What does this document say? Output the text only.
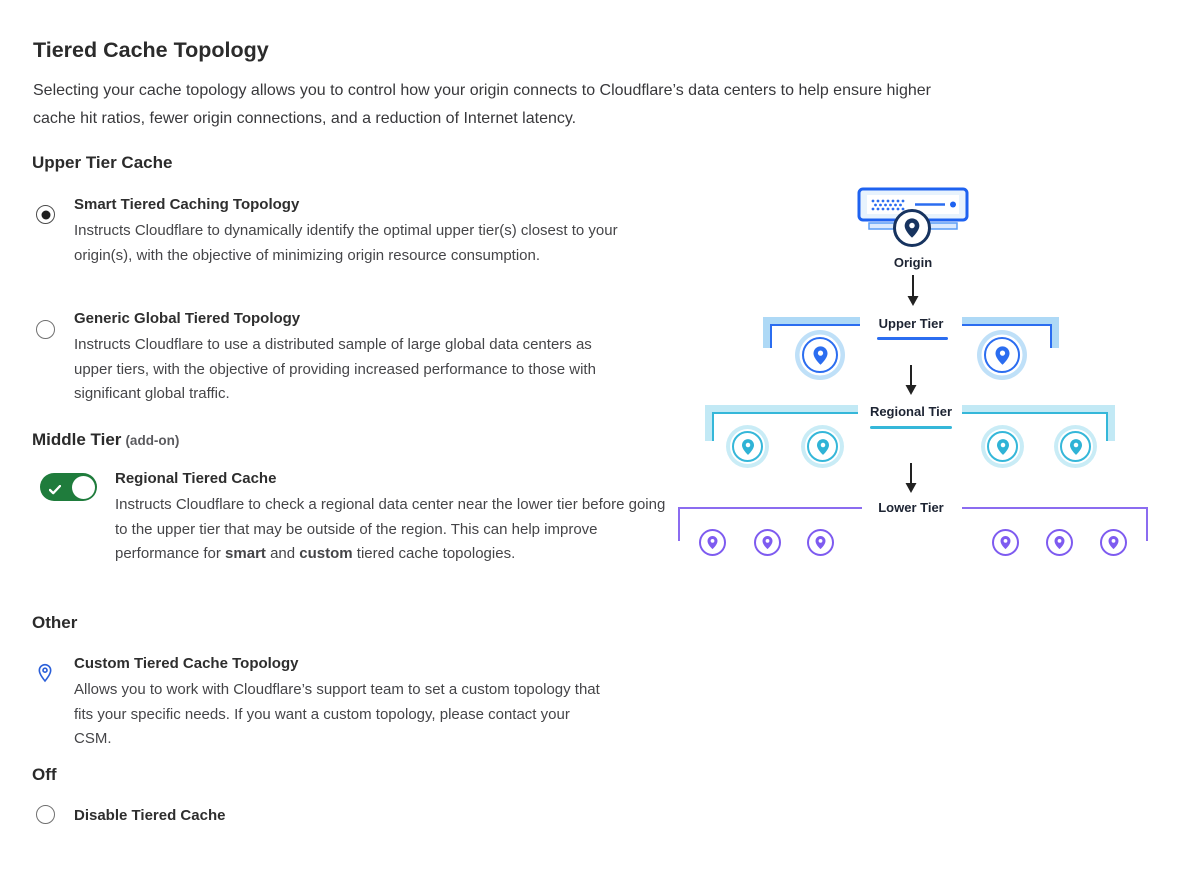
Tiered Cache Topology

Selecting your cache topology allows you to control how your origin connects to Cloudflare’s data centers to help ensure higher cache hit ratios, fewer origin connections, and a reduction of Internet latency.

Upper Tier Cache
Smart Tiered Caching Topology

Instructs Cloudflare to dynamically identify the optimal upper tier(s) closest to your origin(s), with the objective of minimizing origin resource consumption.

Generic Global Tiered Topology

Instructs Cloudflare to use a distributed sample of large global data centers as upper tiers, with the objective of providing increased performance to those with significant global traffic.

Middle Tier (add-on)
Regional Tiered Cache

Instructs Cloudflare to check a regional data center near the lower tier before going to the upper tier that may be outside of the region. This can help improve performance for smart and custom tiered cache topologies.

Other
Custom Tiered Cache Topology

Allows you to work with Cloudflare’s support team to set a custom topology that fits your specific needs. If you want a custom topology, please contact your CSM.

Off
Disable Tiered Cache
Origin
Upper Tier
Regional Tier
Lower Tier
